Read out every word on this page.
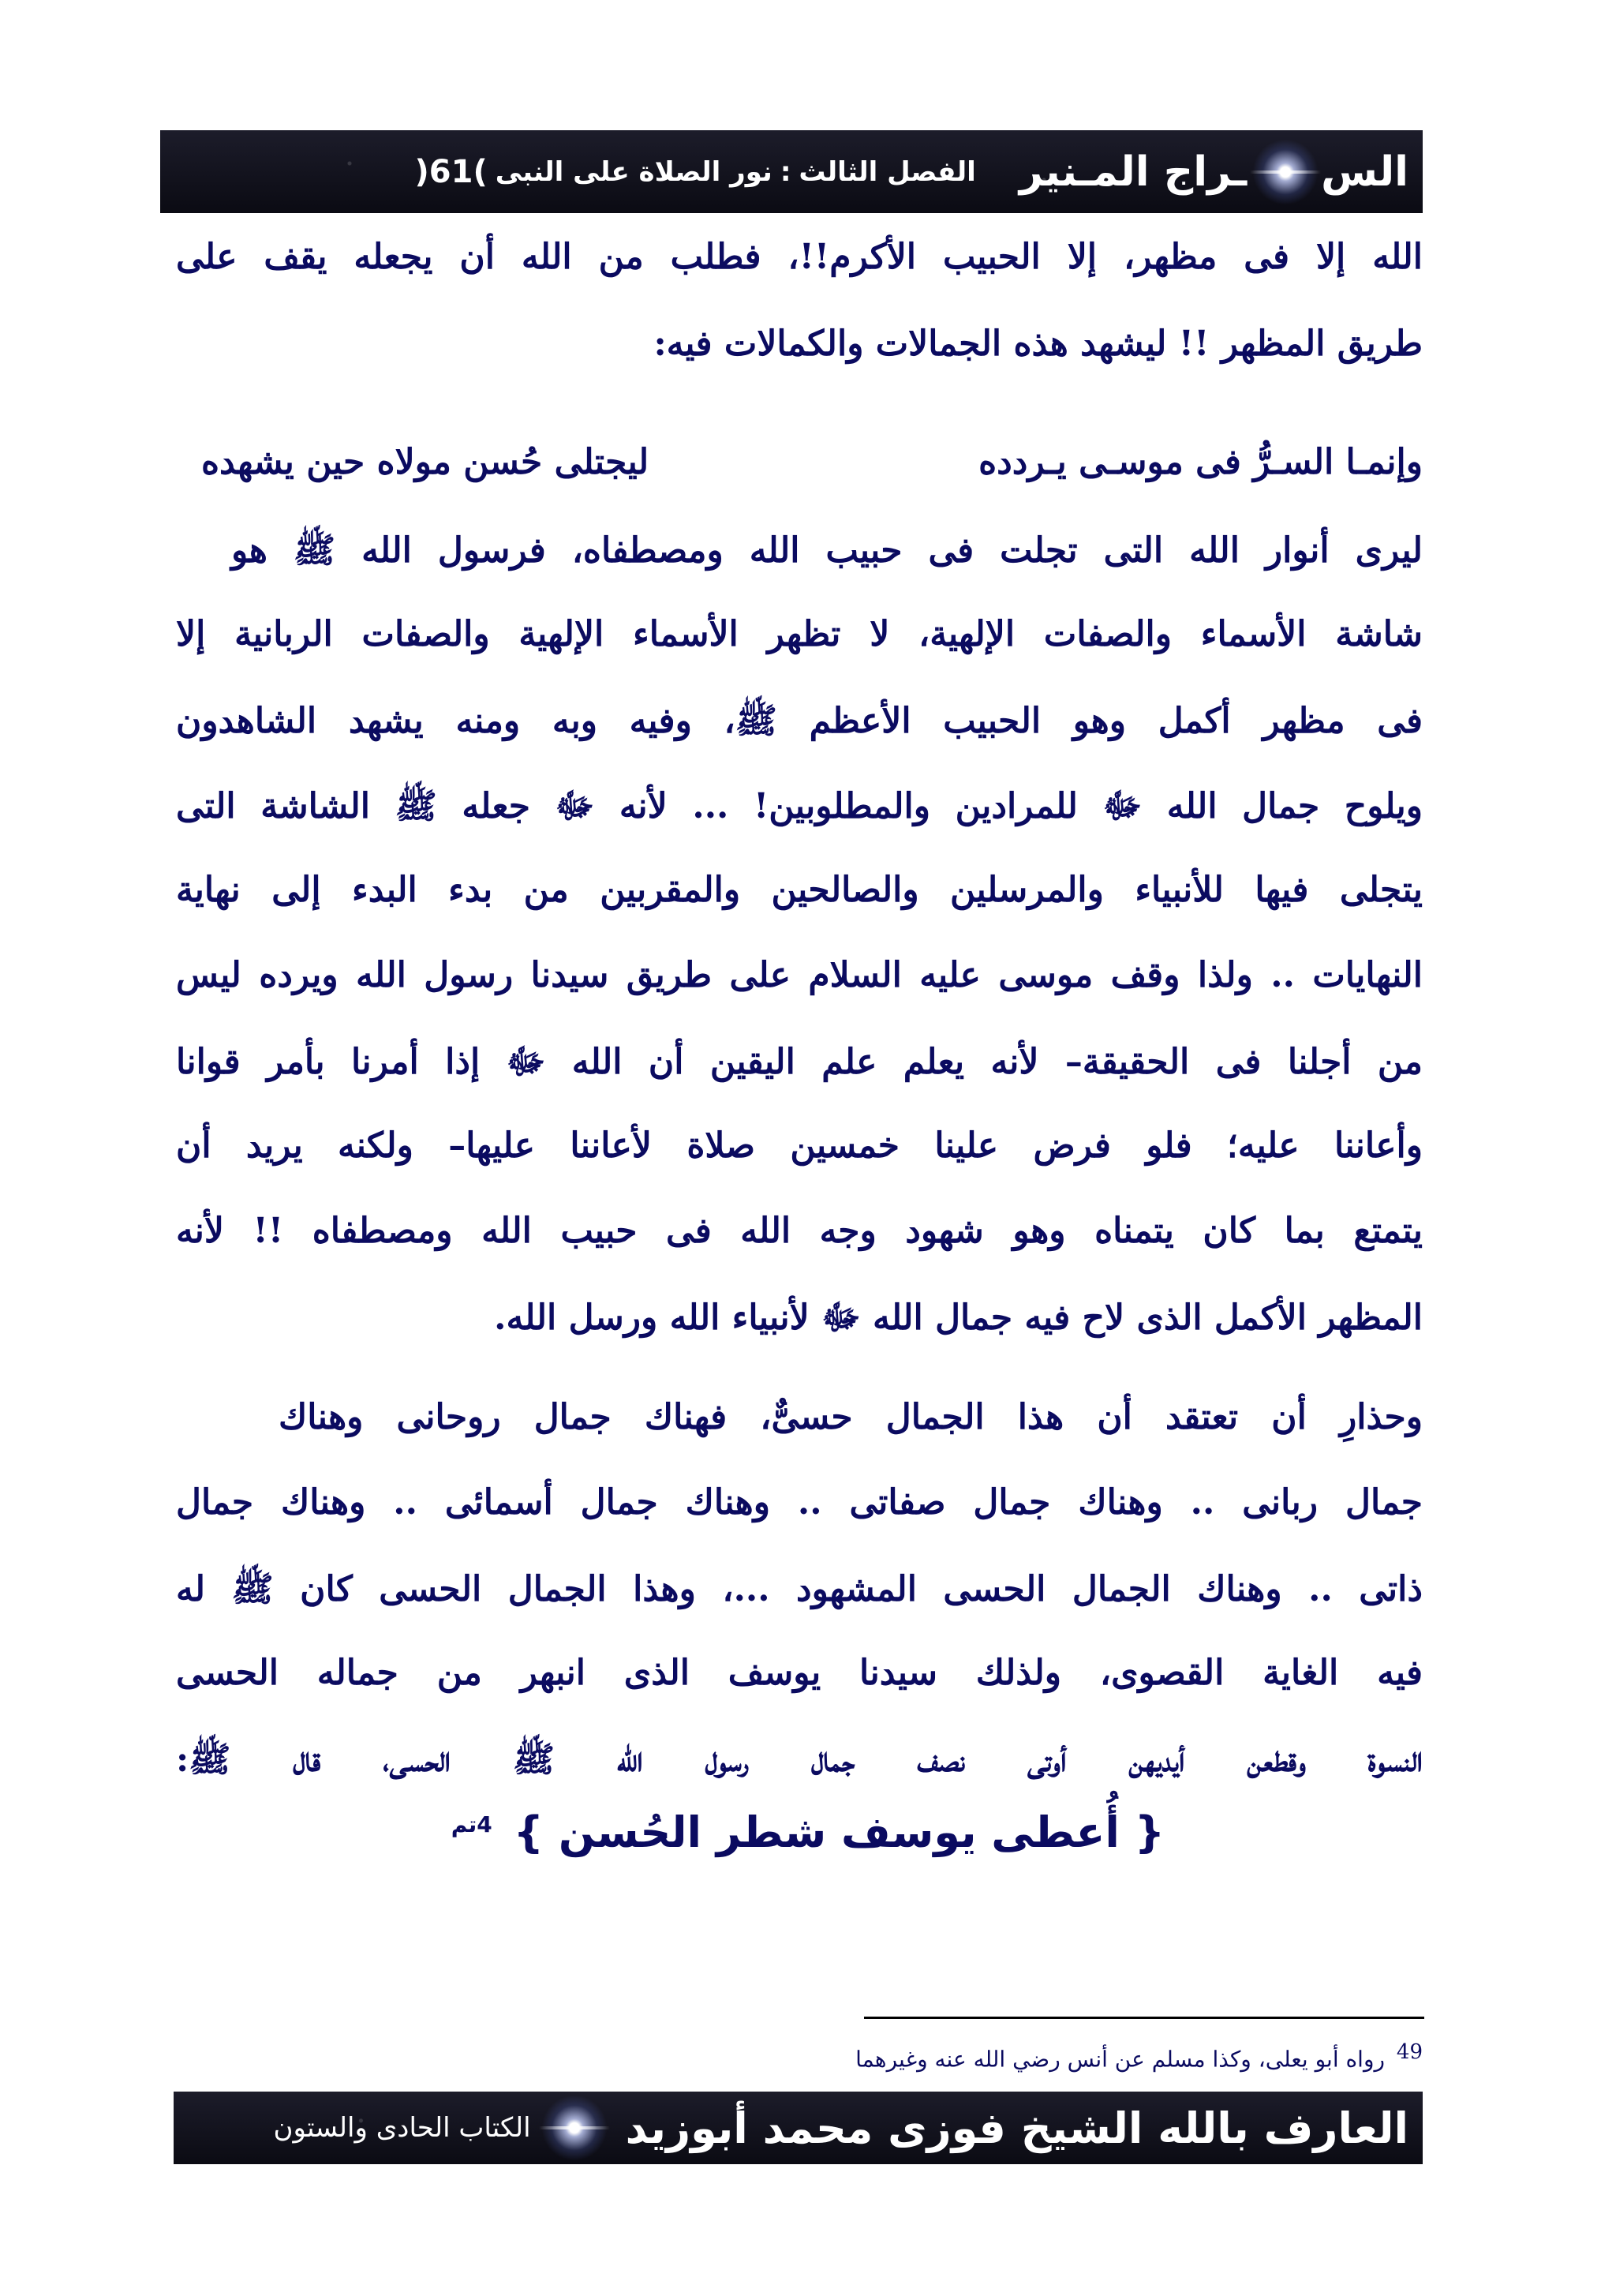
الس
ـراج المـنير
الفصل الثالث
:
نور الصلاة على النبى
)61
(
الله إلا فى مظهر، إلا الحبيب الأكرم!!، فطلب من الله أن يجعله يقف على
طريق المظهر !! ليشهد هذه الجمالات والكمالات فيه:
وإنمـا السـرُّ فى موسـى يـردده
ليجتلى حُسن مولاه حين يشهده
ليرى أنوار الله التى تجلت فى حبيب الله ومصطفاه، فرسول الله ﷺ هو
شاشة الأسماء والصفات الإلهية، لا تظهر الأسماء الإلهية والصفات الربانية إلا
فى مظهر أكمل وهو الحبيب الأعظم ﷺ، وفيه وبه ومنه يشهد الشاهدون
ويلوح جمال الله ﷻ للمرادين والمطلوبين! ... لأنه ﷻ جعله ﷺ الشاشة التى
يتجلى فيها للأنبياء والمرسلين والصالحين والمقربين من بدء البدء إلى نهاية
النهايات .. ولذا وقف موسى عليه السلام على طريق سيدنا رسول الله ويرده ليس
من أجلنا فى الحقيقة– لأنه يعلم علم اليقين أن الله ﷻ إذا أمرنا بأمر قوانا
وأعاننا عليه؛ فلو فرض علينا خمسين صلاة لأعاننا عليها– ولكنه يريد أن
يتمتع بما كان يتمناه وهو شهود وجه الله فى حبيب الله ومصطفاه !! لأنه
المظهر الأكمل الذى لاح فيه جمال الله ﷻ لأنبياء الله ورسل الله.
وحذارِ أن تعتقد أن هذا الجمال حسىٌّ، فهناك جمال روحانى وهناك
جمال ربانى .. وهناك جمال صفاتى .. وهناك جمال أسمائى .. وهناك جمال
ذاتى .. وهناك الجمال الحسى المشهود ...، وهذا الجمال الحسى كان ﷺ له
فيه الغاية القصوى، ولذلك سيدنا يوسف الذى انبهر من جماله الحسى
النسوة وقطعن أيديهن أوتى نصف جمال رسول الله ﷺ الحسى، قال ﷺ:
{ أُعطى يوسف شطر الحُسن } $^{4تم}$
49 رواه أبو يعلى، وكذا مسلم عن أنس رضي الله عنه وغيرهما
العارف بالله الشيخ فوزى محمد أبوزيد
الكتاب الحادى والستون
